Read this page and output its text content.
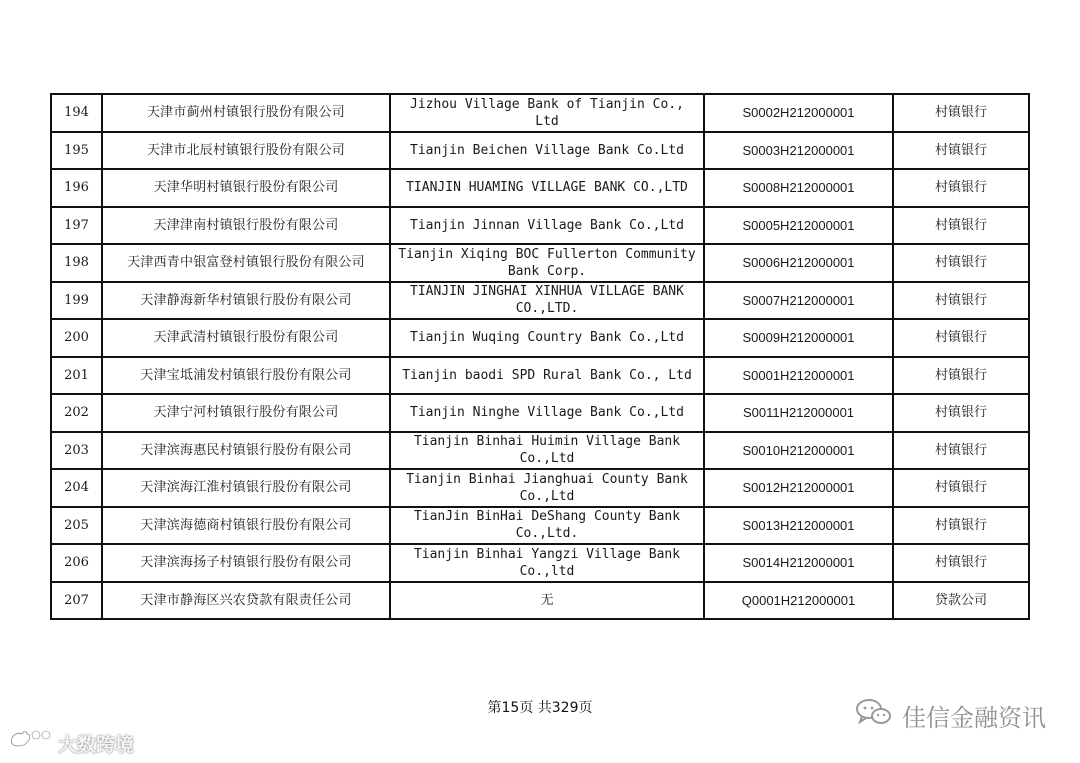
194	天津市蓟州村镇银行股份有限公司	Jizhou Village Bank of Tianjin Co., Ltd	S0002H212000001	村镇银行
195	天津市北辰村镇银行股份有限公司	Tianjin Beichen Village Bank Co.Ltd	S0003H212000001	村镇银行
196	天津华明村镇银行股份有限公司	TIANJIN HUAMING VILLAGE BANK CO.,LTD	S0008H212000001	村镇银行
197	天津津南村镇银行股份有限公司	Tianjin Jinnan Village Bank Co.,Ltd	S0005H212000001	村镇银行
198	天津西青中银富登村镇银行股份有限公司	Tianjin Xiqing BOC Fullerton Community Bank Corp.	S0006H212000001	村镇银行
199	天津静海新华村镇银行股份有限公司	TIANJIN JINGHAI XINHUA VILLAGE BANK CO.,LTD.	S0007H212000001	村镇银行
200	天津武清村镇银行股份有限公司	Tianjin Wuqing Country Bank Co.,Ltd	S0009H212000001	村镇银行
201	天津宝坻浦发村镇银行股份有限公司	Tianjin baodi SPD Rural Bank Co., Ltd	S0001H212000001	村镇银行
202	天津宁河村镇银行股份有限公司	Tianjin Ninghe Village Bank Co.,Ltd	S0011H212000001	村镇银行
203	天津滨海惠民村镇银行股份有限公司	Tianjin Binhai Huimin Village Bank Co.,Ltd	S0010H212000001	村镇银行
204	天津滨海江淮村镇银行股份有限公司	Tianjin Binhai Jianghuai County Bank Co.,Ltd	S0012H212000001	村镇银行
205	天津滨海德商村镇银行股份有限公司	TianJin BinHai DeShang County Bank Co.,Ltd.	S0013H212000001	村镇银行
206	天津滨海扬子村镇银行股份有限公司	Tianjin Binhai Yangzi Village Bank Co.,ltd	S0014H212000001	村镇银行
207	天津市静海区兴农贷款有限责任公司	无	Q0001H212000001	贷款公司
第15页 共329页
大数跨境
佳信金融资讯
